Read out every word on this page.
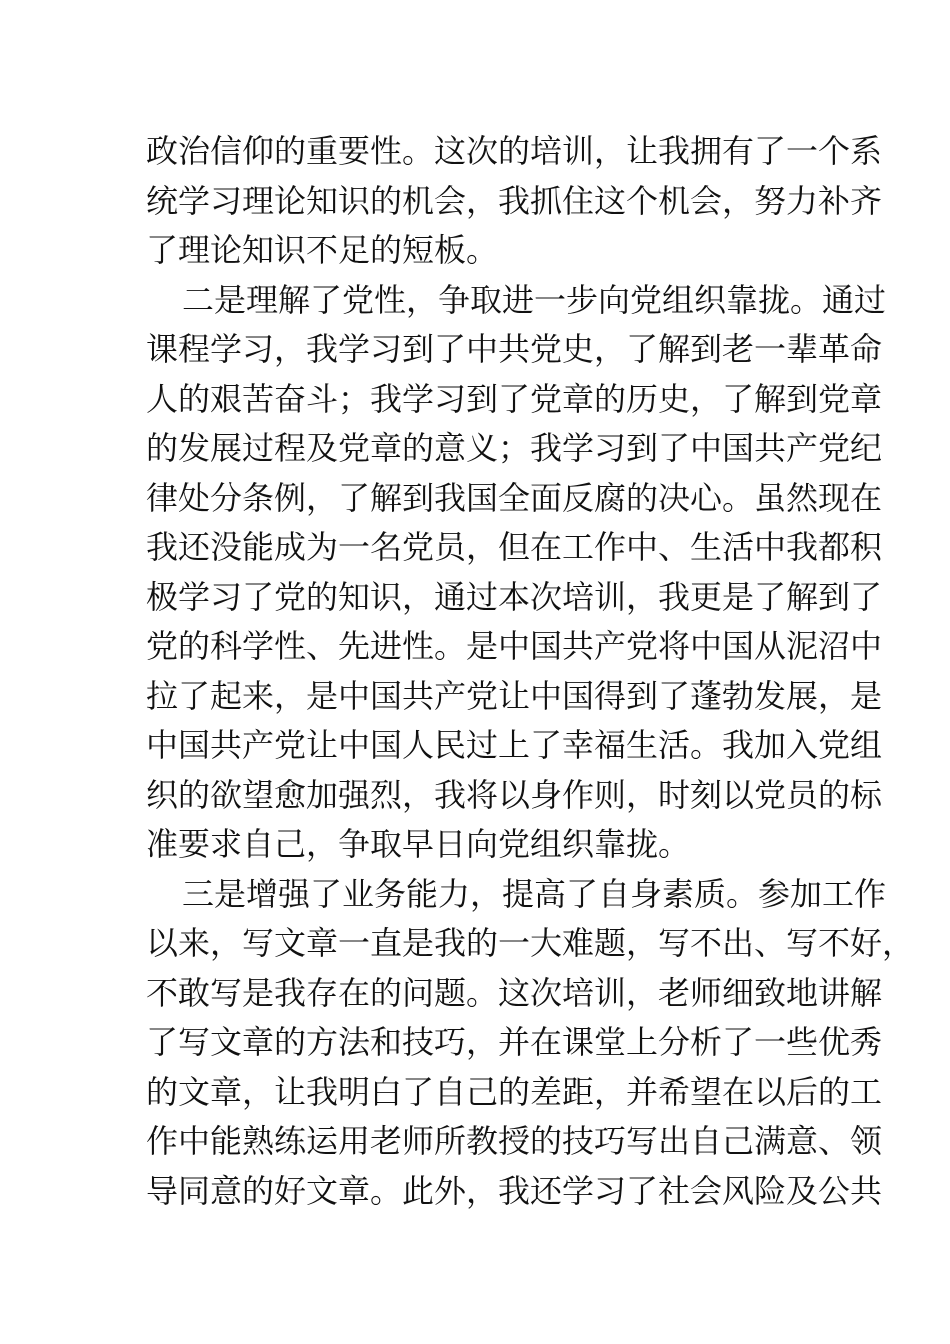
政治信仰的重要性。这次的培训，让我拥有了一个系
统学习理论知识的机会，我抓住这个机会，努力补齐
了理论知识不足的短板。
二是理解了党性，争取进一步向党组织靠拢。通过
课程学习，我学习到了中共党史，了解到老一辈革命
人的艰苦奋斗；我学习到了党章的历史，了解到党章
的发展过程及党章的意义；我学习到了中国共产党纪
律处分条例，了解到我国全面反腐的决心。虽然现在
我还没能成为一名党员，但在工作中、生活中我都积
极学习了党的知识，通过本次培训，我更是了解到了
党的科学性、先进性。是中国共产党将中国从泥沼中
拉了起来，是中国共产党让中国得到了蓬勃发展，是
中国共产党让中国人民过上了幸福生活。我加入党组
织的欲望愈加强烈，我将以身作则，时刻以党员的标
准要求自己，争取早日向党组织靠拢。
三是增强了业务能力，提高了自身素质。参加工作
以来，写文章一直是我的一大难题，写不出、写不好，
不敢写是我存在的问题。这次培训，老师细致地讲解
了写文章的方法和技巧，并在课堂上分析了一些优秀
的文章，让我明白了自己的差距，并希望在以后的工
作中能熟练运用老师所教授的技巧写出自己满意、领
导同意的好文章。此外，我还学习了社会风险及公共
